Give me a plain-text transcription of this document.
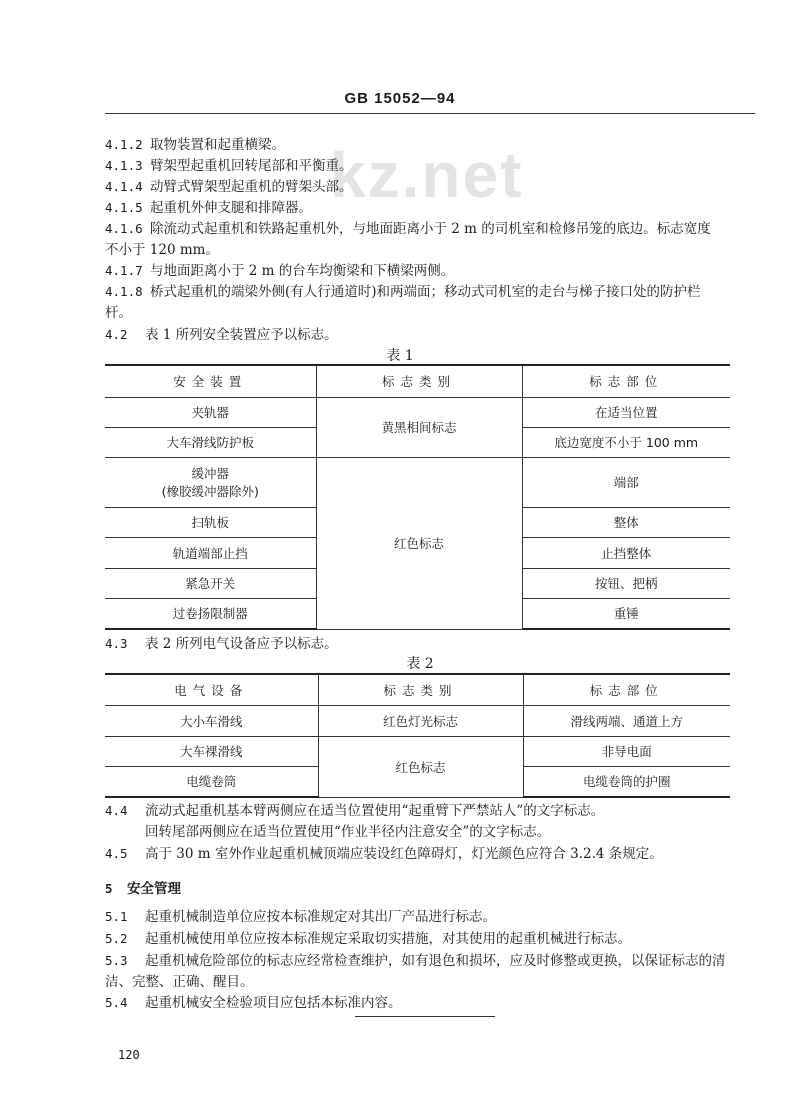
kz.net
GB 15052—94
4.1.2 取物装置和起重横梁。
4.1.3 臂架型起重机回转尾部和平衡重。
4.1.4 动臂式臂架型起重机的臂架头部。
4.1.5 起重机外伸支腿和排障器。
4.1.6 除流动式起重机和铁路起重机外，与地面距离小于 2 m 的司机室和检修吊笼的底边。标志宽度
不小于 120 mm。
4.1.7 与地面距离小于 2 m 的台车均衡梁和下横梁两侧。
4.1.8 桥式起重机的端梁外侧(有人行通道时)和两端面；移动式司机室的走台与梯子接口处的防护栏
杆。
4.2 表 1 所列安全装置应予以标志。
表 1
安全装置	标志类别	标志部位
夹轨器	黄黑相间标志	在适当位置
大车滑线防护板		底边宽度不小于 100 mm

缓冲器
(橡胶缓冲器除外)	红色标志	端部
扫轨板		整体
轨道端部止挡		止挡整体
紧急开关		按钮、把柄
过卷扬限制器		重锤
4.3 表 2 所列电气设备应予以标志。
表 2
电气设备	标志类别	标志部位
大小车滑线	红色灯光标志	滑线两端、通道上方
大车裸滑线	红色标志	非导电面
电缆卷筒		电缆卷筒的护圈
4.4 流动式起重机基本臂两侧应在适当位置使用“起重臂下严禁站人”的文字标志。
回转尾部两侧应在适当位置使用“作业半径内注意安全”的文字标志。
4.5 高于 30 m 室外作业起重机械顶端应装设红色障碍灯，灯光颜色应符合 3.2.4 条规定。
5 安全管理
5.1 起重机械制造单位应按本标准规定对其出厂产品进行标志。
5.2 起重机械使用单位应按本标准规定采取切实措施，对其使用的起重机械进行标志。
5.3 起重机械危险部位的标志应经常检查维护，如有退色和损坏，应及时修整或更换，以保证标志的清
洁、完整、正确、醒目。
5.4 起重机械安全检验项目应包括本标准内容。
120
